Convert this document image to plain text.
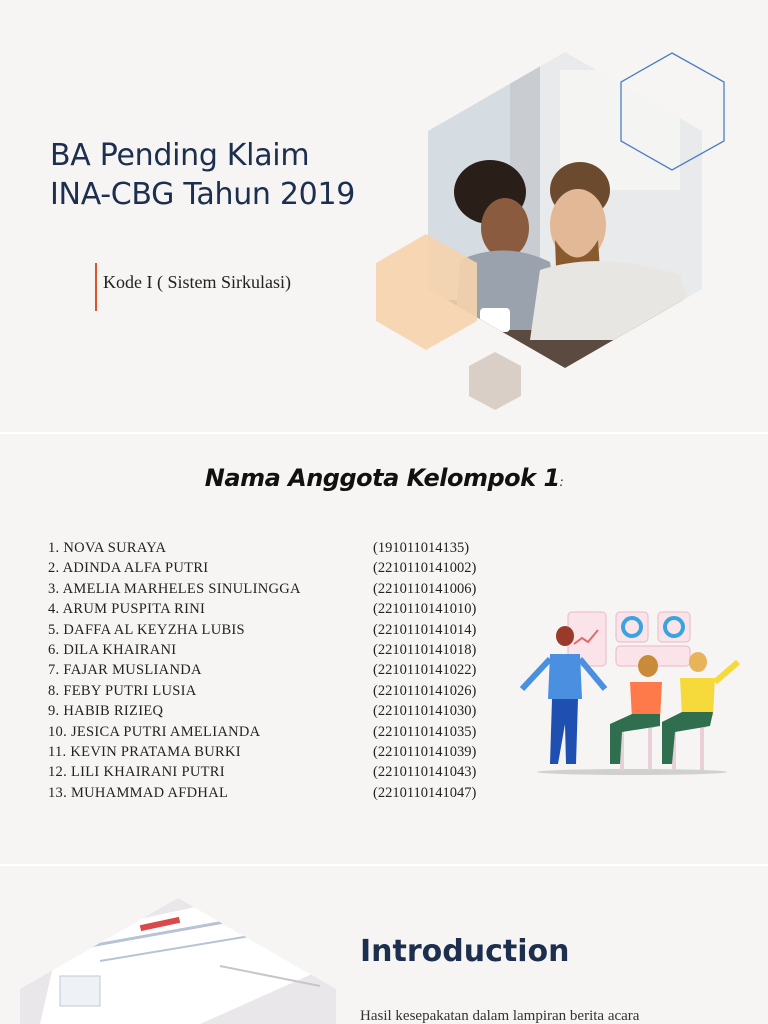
BA Pending Klaim
INA-CBG Tahun 2019
Kode I ( Sistem Sirkulasi)
Nama Anggota Kelompok 1:
1. NOVA SURAYA	(191011014135)
2. ADINDA ALFA PUTRI	(2210110141002)
3. AMELIA MARHELES SINULINGGA	(2210110141006)
4. ARUM PUSPITA RINI	(2210110141010)
5. DAFFA AL KEYZHA LUBIS	(2210110141014)
6. DILA KHAIRANI	(2210110141018)
7. FAJAR MUSLIANDA	(2210110141022)
8. FEBY PUTRI LUSIA	(2210110141026)
9. HABIB RIZIEQ	(2210110141030)
10. JESICA PUTRI AMELIANDA	(2210110141035)
11. KEVIN PRATAMA BURKI	(2210110141039)
12. LILI KHAIRANI PUTRI	(2210110141043)
13. MUHAMMAD AFDHAL	(2210110141047)
Introduction
Hasil kesepakatan dalam lampiran berita acara
